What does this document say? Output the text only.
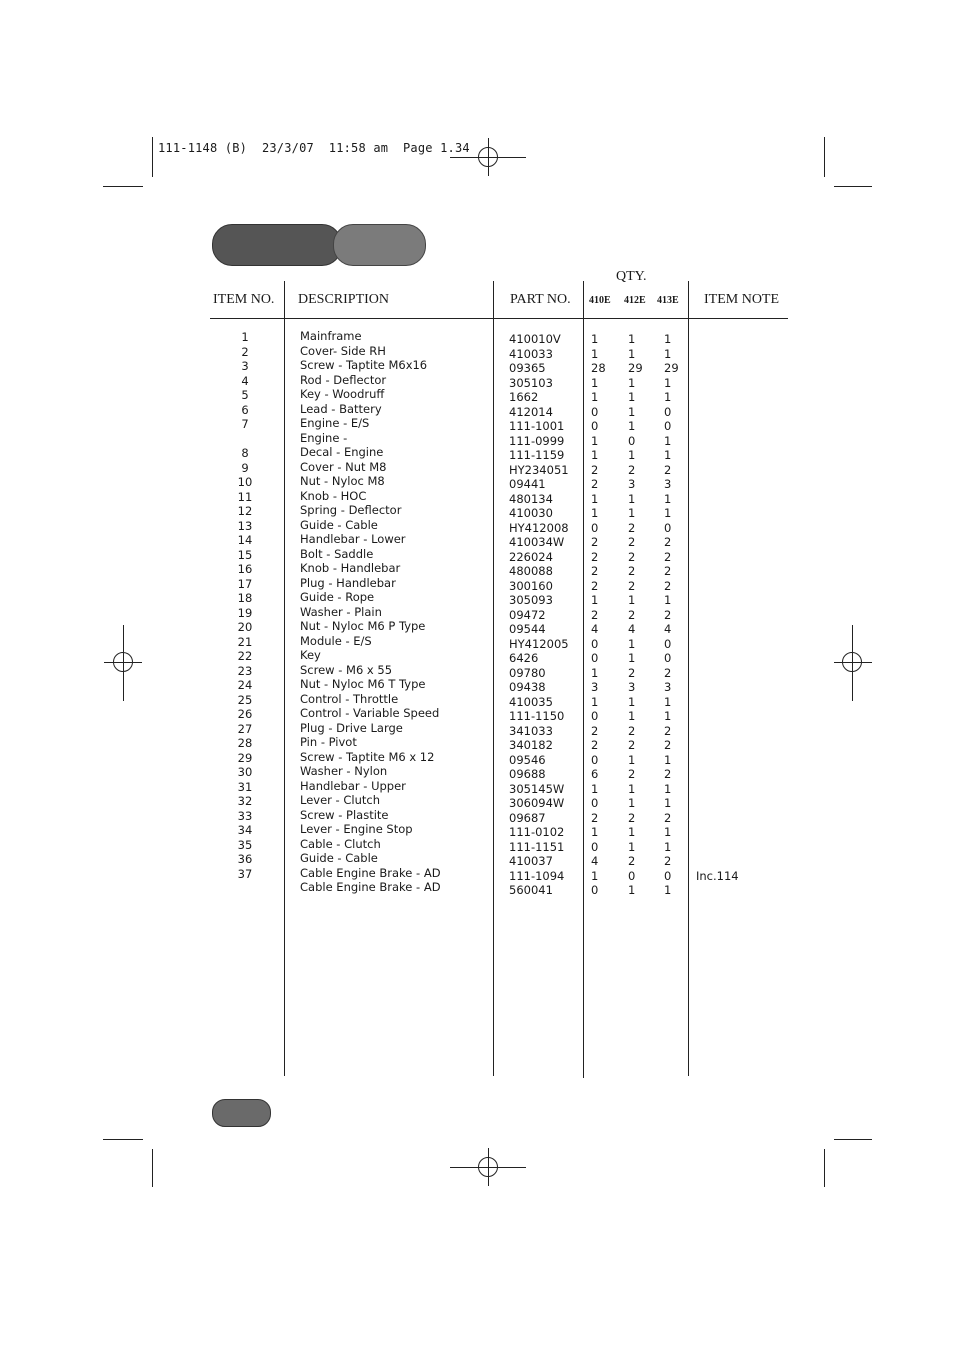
111-1148 (B)  23/3/07  11:58 am  Page 1.34
QTY.
ITEM NO. DESCRIPTION	PART NO. 410E 412E 413E ITEM NOTE
1
2
3
4
5
6
7
8
9
10
11
12
13
14
15
16
17
18
19
20
21
22
23
24
25
26
27
28
29
30
31
32
33
34
35
36
37
Mainframe
Cover- Side RH
Screw - Taptite M6x16
Rod - Deflector
Key - Woodruff
Lead - Battery
Engine - E/S
Engine -
Decal - Engine
Cover - Nut M8
Nut - Nyloc M8
Knob - HOC
Spring - Deflector
Guide - Cable
Handlebar - Lower
Bolt - Saddle
Knob - Handlebar
Plug - Handlebar
Guide - Rope
Washer - Plain
Nut - Nyloc M6 P Type
Module - E/S
Key
Screw - M6 x 55
Nut - Nyloc M6 T Type
Control - Throttle
Control - Variable Speed
Plug - Drive Large
Pin - Pivot
Screw - Taptite M6 x 12
Washer - Nylon
Handlebar - Upper
Lever - Clutch
Screw - Plastite
Lever - Engine Stop
Cable - Clutch
Guide - Cable
Cable Engine Brake - AD
Cable Engine Brake - AD
410010V
410033
09365
305103
1662
412014
111-1001
111-0999
111-1159
HY234051
09441
480134
410030
HY412008
410034W
226024
480088
300160
305093
09472
09544
HY412005
6426
09780
09438
410035
111-1150
341033
340182
09546
09688
305145W
306094W
09687
111-0102
111-1151
410037
111-1094
560041
1
1
28
1
1
0
0
1
1
2
2
1
1
0
2
2
2
2
1
2
4
0
0
1
3
1
0
2
2
0
6
1
0
2
1
0
4
1
0
1
1
29
1
1
1
1
0
1
2
3
1
1
2
2
2
2
2
1
2
4
1
1
2
3
1
1
2
2
1
2
1
1
2
1
1
2
0
1
1
1
29
1
1
0
0
1
1
2
3
1
1
0
2
2
2
2
1
2
4
0
0
2
3
1
1
2
2
1
2
1
1
2
1
1
2
0
1
Inc.114
